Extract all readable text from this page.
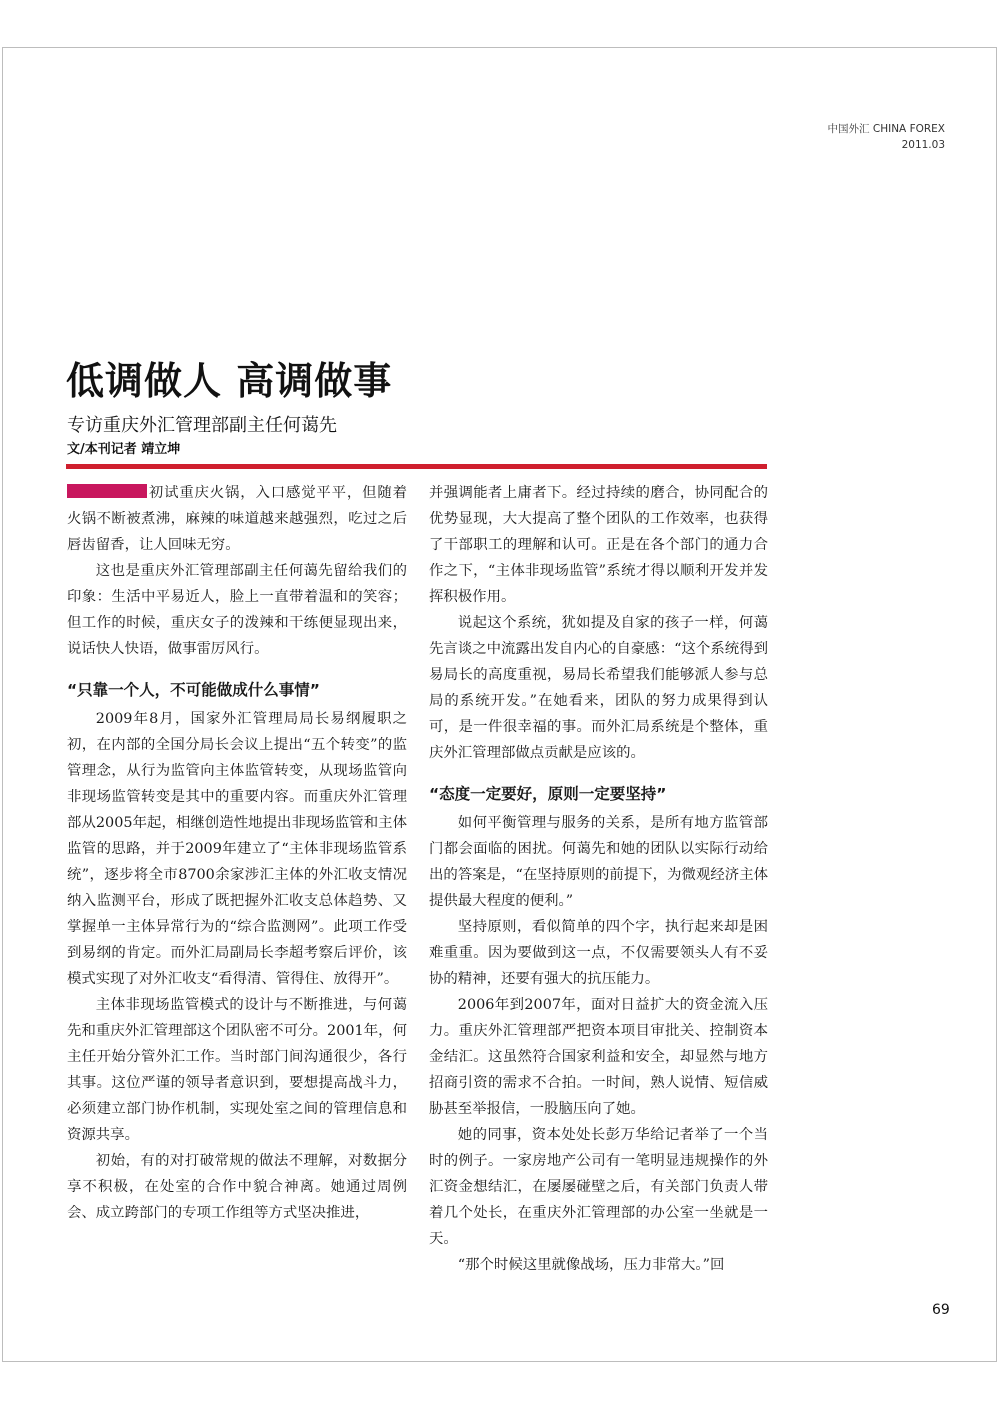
中国外汇 CHINA FOREX
2011.03
低调做人 高调做事
专访重庆外汇管理部副主任何蔼先
文/本刊记者 靖立坤

初试重庆火锅，入口感觉平平，但随着火锅不断被煮沸，麻辣的味道越来越强烈，吃过之后唇齿留香，让人回味无穷。

这也是重庆外汇管理部副主任何蔼先留给我们的印象：生活中平易近人，脸上一直带着温和的笑容；但工作的时候，重庆女子的泼辣和干练便显现出来，说话快人快语，做事雷厉风行。

“只靠一个人，不可能做成什么事情”

2009年8月，国家外汇管理局局长易纲履职之初，在内部的全国分局长会议上提出“五个转变”的监管理念，从行为监管向主体监管转变，从现场监管向非现场监管转变是其中的重要内容。而重庆外汇管理部从2005年起，相继创造性地提出非现场监管和主体监管的思路，并于2009年建立了“主体非现场监管系统”，逐步将全市8700余家涉汇主体的外汇收支情况纳入监测平台，形成了既把握外汇收支总体趋势、又掌握单一主体异常行为的“综合监测网”。此项工作受到易纲的肯定。而外汇局副局长李超考察后评价，该模式实现了对外汇收支“看得清、管得住、放得开”。

主体非现场监管模式的设计与不断推进，与何蔼先和重庆外汇管理部这个团队密不可分。2001年，何主任开始分管外汇工作。当时部门间沟通很少，各行其事。这位严谨的领导者意识到，要想提高战斗力，必须建立部门协作机制，实现处室之间的管理信息和资源共享。

初始，有的对打破常规的做法不理解，对数据分享不积极，在处室的合作中貌合神离。她通过周例会、成立跨部门的专项工作组等方式坚决推进，

并强调能者上庸者下。经过持续的磨合，协同配合的优势显现，大大提高了整个团队的工作效率，也获得了干部职工的理解和认可。正是在各个部门的通力合作之下，“主体非现场监管”系统才得以顺利开发并发挥积极作用。

说起这个系统，犹如提及自家的孩子一样，何蔼先言谈之中流露出发自内心的自豪感：“这个系统得到易局长的高度重视，易局长希望我们能够派人参与总局的系统开发。”在她看来，团队的努力成果得到认可，是一件很幸福的事。而外汇局系统是个整体，重庆外汇管理部做点贡献是应该的。

“态度一定要好，原则一定要坚持”

如何平衡管理与服务的关系，是所有地方监管部门都会面临的困扰。何蔼先和她的团队以实际行动给出的答案是，“在坚持原则的前提下，为微观经济主体提供最大程度的便利。”

坚持原则，看似简单的四个字，执行起来却是困难重重。因为要做到这一点，不仅需要领头人有不妥协的精神，还要有强大的抗压能力。

2006年到2007年，面对日益扩大的资金流入压力。重庆外汇管理部严把资本项目审批关、控制资本金结汇。这虽然符合国家利益和安全，却显然与地方招商引资的需求不合拍。一时间，熟人说情、短信威胁甚至举报信，一股脑压向了她。

她的同事，资本处处长彭万华给记者举了一个当时的例子。一家房地产公司有一笔明显违规操作的外汇资金想结汇，在屡屡碰壁之后，有关部门负责人带着几个处长，在重庆外汇管理部的办公室一坐就是一天。

“那个时候这里就像战场，压力非常大。”回

69
